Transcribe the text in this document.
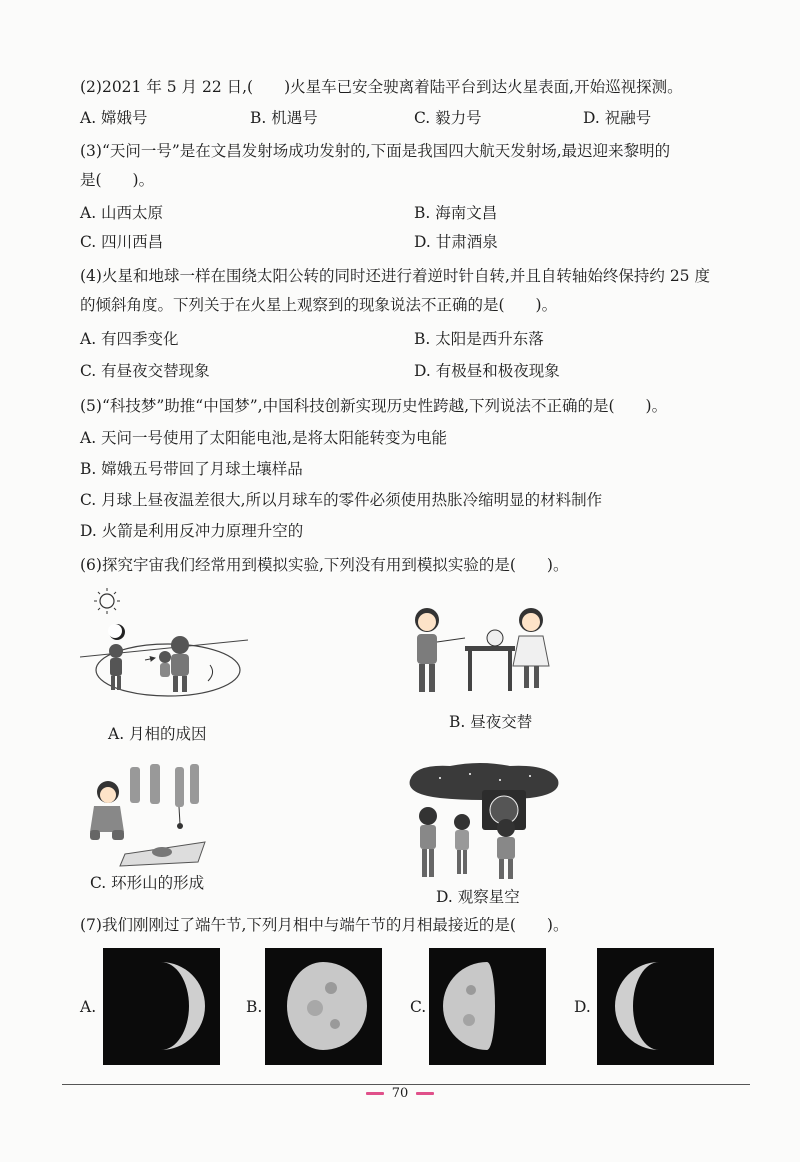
(2)2021 年 5 月 22 日,(　　)火星车已安全驶离着陆平台到达火星表面,开始巡视探测。
A. 嫦娥号	B. 机遇号	C. 毅力号	D. 祝融号
(3)“天问一号”是在文昌发射场成功发射的,下面是我国四大航天发射场,最迟迎来黎明的
是(　　)。
A. 山西太原	B. 海南文昌
C. 四川西昌	D. 甘肃酒泉
(4)火星和地球一样在围绕太阳公转的同时还进行着逆时针自转,并且自转轴始终保持约 25 度
的倾斜角度。下列关于在火星上观察到的现象说法不正确的是(　　)。
A. 有四季变化	B. 太阳是西升东落
C. 有昼夜交替现象	D. 有极昼和极夜现象
(5)“科技梦”助推“中国梦”,中国科技创新实现历史性跨越,下列说法不正确的是(　　)。
A. 天问一号使用了太阳能电池,是将太阳能转变为电能
B. 嫦娥五号带回了月球土壤样品
C. 月球上昼夜温差很大,所以月球车的零件必须使用热胀冷缩明显的材料制作
D. 火箭是利用反冲力原理升空的
(6)探究宇宙我们经常用到模拟实验,下列没有用到模拟实验的是(　　)。
A. 月相的成因
B. 昼夜交替
C. 环形山的形成
D. 观察星空
(7)我们刚刚过了端午节,下列月相中与端午节的月相最接近的是(　　)。
A.	B.	C.	D.
70
